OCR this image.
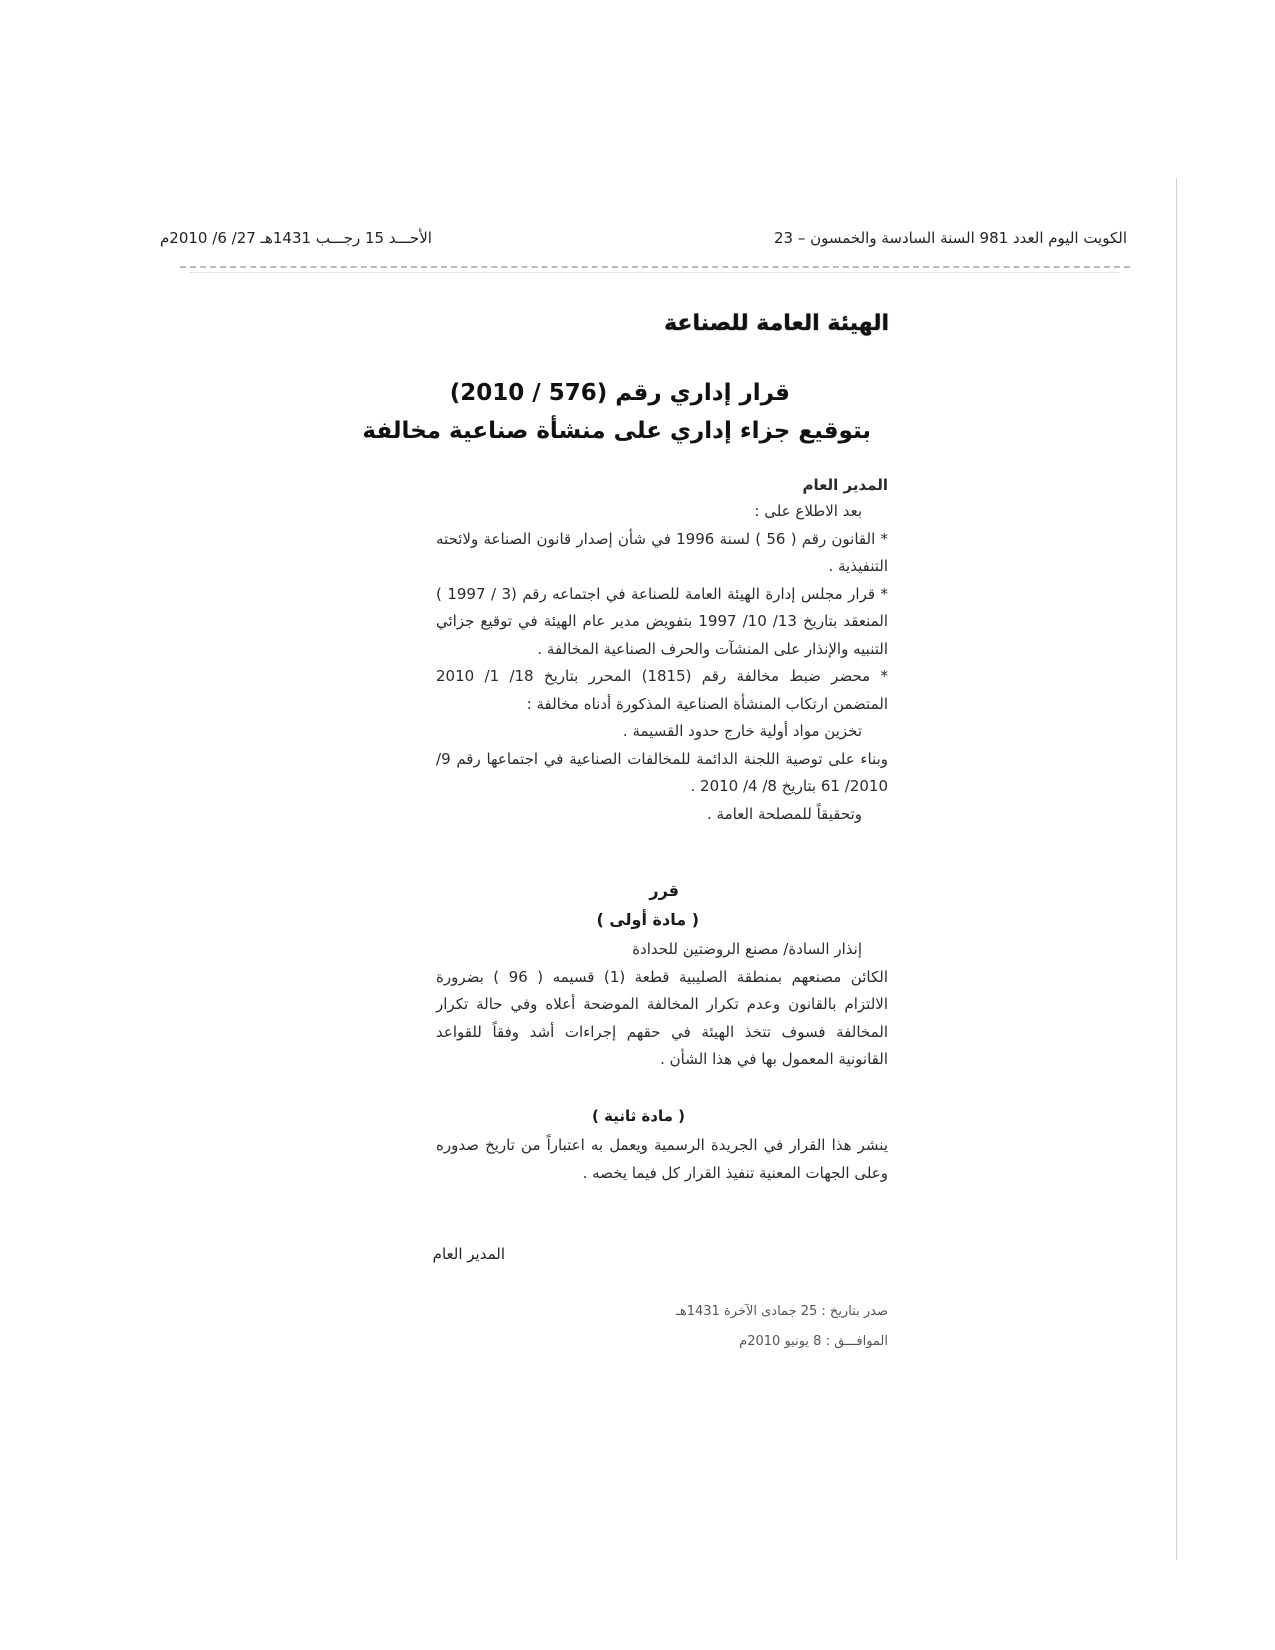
الكويت اليوم العدد 981 السنة السادسة والخمسون – 23
الأحـــد 15 رجـــب 1431هـ 27/ 6/ 2010م
الهيئة العامة للصناعة
قرار إداري رقم (576 / 2010)
بتوقيع جزاء إداري على منشأة صناعية مخالفة
المدير العام

بعد الاطلاع على :

* القانون رقم ( 56 ) لسنة 1996 في شأن إصدار قانون الصناعة ولائحته التنفيذية .

* قرار مجلس إدارة الهيئة العامة للصناعة في اجتماعه رقم (3 / 1997 ) المنعقد بتاريخ 13/ 10/ 1997 بتفويض مدير عام الهيئة في توقيع جزائي التنبيه والإنذار على المنشآت والحرف الصناعية المخالفة .

* محضر ضبط مخالفة رقم (1815) المحرر بتاريخ 18/ 1/ 2010 المتضمن ارتكاب المنشأة الصناعية المذكورة أدناه مخالفة :

تخزين مواد أولية خارج حدود القسيمة .

وبناء على توصية اللجنة الدائمة للمخالفات الصناعية في اجتماعها رقم 9/ 2010/ 61 بتاريخ 8/ 4/ 2010 .

وتحقيقاً للمصلحة العامة .

قرر
( مادة أولى )

إنذار السادة/ مصنع الروضتين للحدادة

الكائن مصنعهم بمنطقة الصليبية قطعة (1) قسيمه ( 96 ) بضرورة الالتزام بالقانون وعدم تكرار المخالفة الموضحة أعلاه وفي حالة تكرار المخالفة فسوف تتخذ الهيئة في حقهم إجراءات أشد وفقاً للقواعد القانونية المعمول بها في هذا الشأن .

( مادة ثانية )

ينشر هذا القرار في الجريدة الرسمية ويعمل به اعتباراً من تاريخ صدوره وعلى الجهات المعنية تنفيذ القرار كل فيما يخصه .

المدير العام
صدر بتاريخ : 25 جمادى الآخرة 1431هـ
الموافـــق : 8 يونيو 2010م
